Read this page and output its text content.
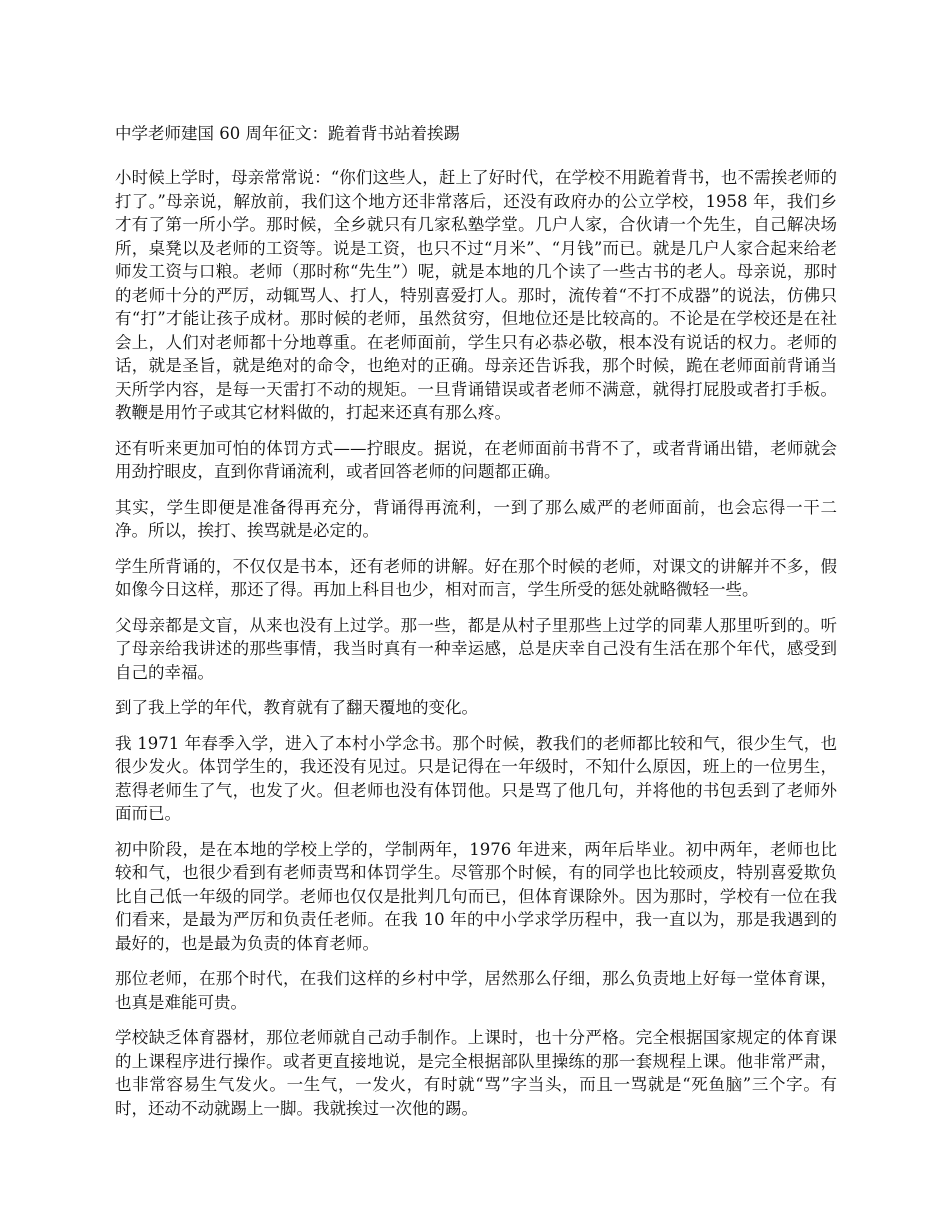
中学老师建国 60 周年征文：跪着背书站着挨踢

小时候上学时，母亲常常说：“你们这些人，赶上了好时代，在学校不用跪着背书，也不需挨老师的打了。”母亲说，解放前，我们这个地方还非常落后，还没有政府办的公立学校，1958 年，我们乡才有了第一所小学。那时候，全乡就只有几家私塾学堂。几户人家，合伙请一个先生，自己解决场所，桌凳以及老师的工资等。说是工资，也只不过“月米”、“月钱”而已。就是几户人家合起来给老师发工资与口粮。老师（那时称“先生”）呢，就是本地的几个读了一些古书的老人。母亲说，那时的老师十分的严厉，动辄骂人、打人，特别喜爱打人。那时，流传着“不打不成器”的说法，仿佛只有“打”才能让孩子成材。那时候的老师，虽然贫穷，但地位还是比较高的。不论是在学校还是在社会上，人们对老师都十分地尊重。在老师面前，学生只有必恭必敬，根本没有说话的权力。老师的话，就是圣旨，就是绝对的命令，也绝对的正确。母亲还告诉我，那个时候，跪在老师面前背诵当天所学内容，是每一天雷打不动的规矩。一旦背诵错误或者老师不满意，就得打屁股或者打手板。教鞭是用竹子或其它材料做的，打起来还真有那么疼。

还有听来更加可怕的体罚方式——拧眼皮。据说，在老师面前书背不了，或者背诵出错，老师就会用劲拧眼皮，直到你背诵流利，或者回答老师的问题都正确。

其实，学生即便是准备得再充分，背诵得再流利，一到了那么威严的老师面前，也会忘得一干二净。所以，挨打、挨骂就是必定的。

学生所背诵的，不仅仅是书本，还有老师的讲解。好在那个时候的老师，对课文的讲解并不多，假如像今日这样，那还了得。再加上科目也少，相对而言，学生所受的惩处就略微轻一些。

父母亲都是文盲，从来也没有上过学。那一些，都是从村子里那些上过学的同辈人那里听到的。听了母亲给我讲述的那些事情，我当时真有一种幸运感，总是庆幸自己没有生活在那个年代，感受到自己的幸福。

到了我上学的年代，教育就有了翻天覆地的变化。

我 1971 年春季入学，进入了本村小学念书。那个时候，教我们的老师都比较和气，很少生气，也很少发火。体罚学生的，我还没有见过。只是记得在一年级时，不知什么原因，班上的一位男生，惹得老师生了气，也发了火。但老师也没有体罚他。只是骂了他几句，并将他的书包丢到了老师外面而已。

初中阶段，是在本地的学校上学的，学制两年，1976 年进来，两年后毕业。初中两年，老师也比较和气，也很少看到有老师责骂和体罚学生。尽管那个时候，有的同学也比较顽皮，特别喜爱欺负比自己低一年级的同学。老师也仅仅是批判几句而已，但体育课除外。因为那时，学校有一位在我们看来，是最为严厉和负责任老师。在我 10 年的中小学求学历程中，我一直以为，那是我遇到的最好的，也是最为负责的体育老师。

那位老师，在那个时代，在我们这样的乡村中学，居然那么仔细，那么负责地上好每一堂体育课，也真是难能可贵。

学校缺乏体育器材，那位老师就自己动手制作。上课时，也十分严格。完全根据国家规定的体育课的上课程序进行操作。或者更直接地说，是完全根据部队里操练的那一套规程上课。他非常严肃，也非常容易生气发火。一生气，一发火，有时就“骂”字当头，而且一骂就是“死鱼脑”三个字。有时，还动不动就踢上一脚。我就挨过一次他的踢。
